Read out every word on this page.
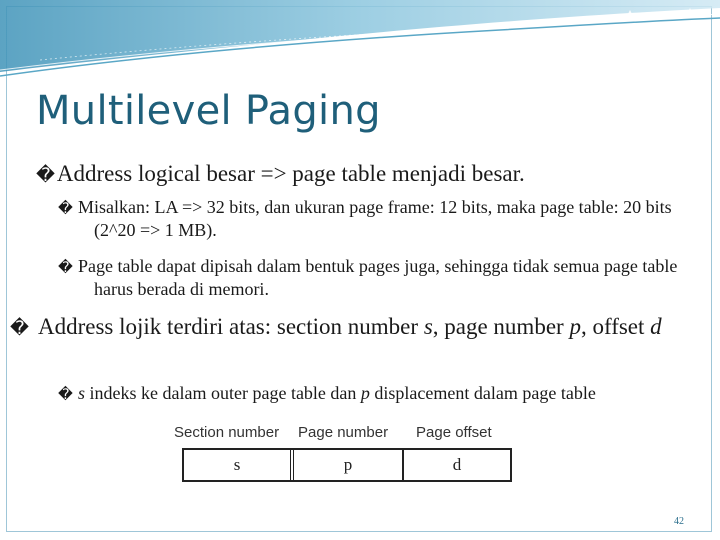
Multilevel Paging

�Address logical besar => page table menjadi besar.

� Misalkan: LA => 32 bits, dan ukuran page frame: 12 bits, maka page table: 20 bits (2^20 => 1 MB).

� Page table dapat dipisah dalam bentuk pages juga, sehingga tidak semua page table harus berada di memori.

� Address lojik terdiri atas: section number s, page number p, offset d

� s indeks ke dalam outer page table dan p displacement dalam page table

Section number Page number Page offset
s	p	d
42
